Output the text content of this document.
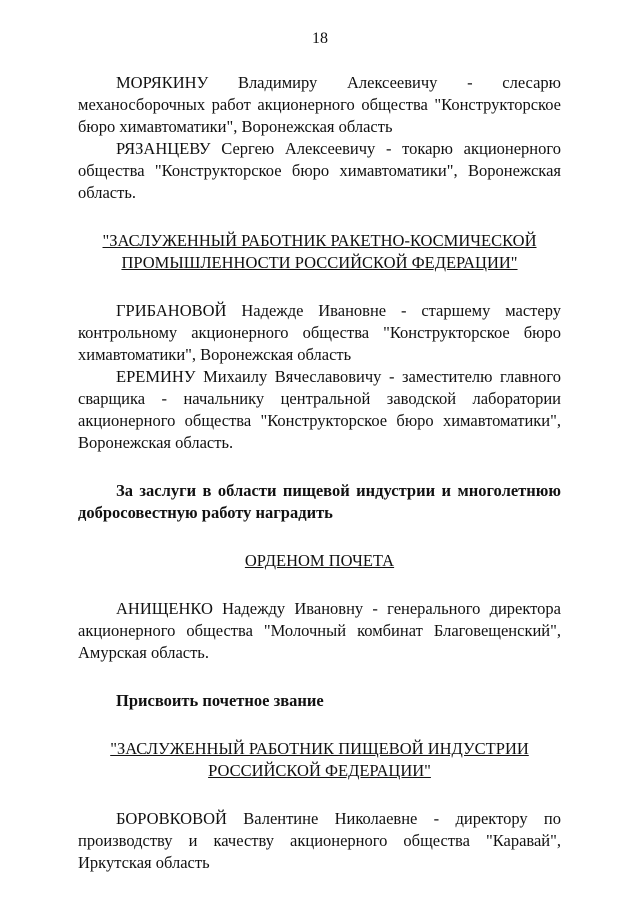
18

МОРЯКИНУ Владимиру Алексеевичу - слесарю механосборочных работ акционерного общества "Конструкторское бюро химавтоматики", Воронежская область

РЯЗАНЦЕВУ Сергею Алексеевичу - токарю акционерного общества "Конструкторское бюро химавтоматики", Воронежская область.

"ЗАСЛУЖЕННЫЙ РАБОТНИК РАКЕТНО-КОСМИЧЕСКОЙ
ПРОМЫШЛЕННОСТИ РОССИЙСКОЙ ФЕДЕРАЦИИ"

ГРИБАНОВОЙ Надежде Ивановне - старшему мастеру контрольному акционерного общества "Конструкторское бюро химавтоматики", Воронежская область

ЕРЕМИНУ Михаилу Вячеславовичу - заместителю главного сварщика - начальнику центральной заводской лаборатории акционерного общества "Конструкторское бюро химавтоматики", Воронежская область.

За заслуги в области пищевой индустрии и многолетнюю добросовестную работу наградить

ОРДЕНОМ ПОЧЕТА

АНИЩЕНКО Надежду Ивановну - генерального директора акционерного общества "Молочный комбинат Благовещенский", Амурская область.

Присвоить почетное звание

"ЗАСЛУЖЕННЫЙ РАБОТНИК ПИЩЕВОЙ ИНДУСТРИИ
РОССИЙСКОЙ ФЕДЕРАЦИИ"

БОРОВКОВОЙ Валентине Николаевне - директору по производству и качеству акционерного общества "Каравай", Иркутская область
